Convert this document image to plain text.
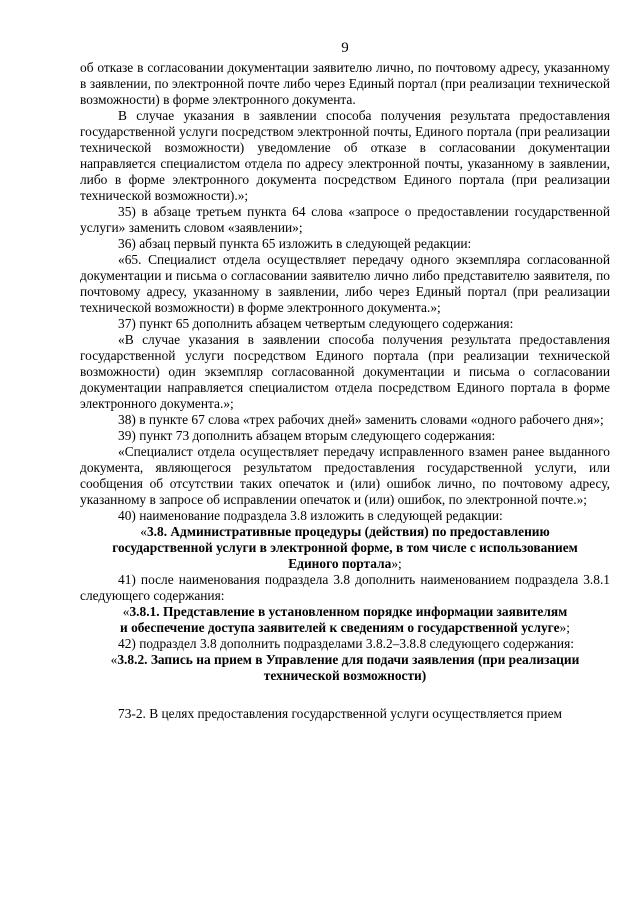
9

об отказе в согласовании документации заявителю лично, по почтовому адресу, указанному в заявлении, по электронной почте либо через Единый портал (при реализации технической возможности) в форме электронного документа.

В случае указания в заявлении способа получения результата предоставления государственной услуги посредством электронной почты, Единого портала (при реализации технической возможности) уведомление об отказе в согласовании документации направляется специалистом отдела по адресу электронной почты, указанному в заявлении, либо в форме электронного документа посредством Единого портала (при реализации технической возможности).»;

35) в абзаце третьем пункта 64 слова «запросе о предоставлении государственной услуги» заменить словом «заявлении»;

36) абзац первый пункта 65 изложить в следующей редакции:

«65. Специалист отдела осуществляет передачу одного экземпляра согласованной документации и письма о согласовании заявителю лично либо представителю заявителя, по почтовому адресу, указанному в заявлении, либо через Единый портал (при реализации технической возможности) в форме электронного документа.»;

37) пункт 65 дополнить абзацем четвертым следующего содержания:

«В случае указания в заявлении способа получения результата предоставления государственной услуги посредством Единого портала (при реализации технической возможности) один экземпляр согласованной документации и письма о согласовании документации направляется специалистом отдела посредством Единого портала в форме электронного документа.»;

38) в пункте 67 слова «трех рабочих дней» заменить словами «одного рабочего дня»;

39) пункт 73 дополнить абзацем вторым следующего содержания:

«Специалист отдела осуществляет передачу исправленного взамен ранее выданного документа, являющегося результатом предоставления государственной услуги, или сообщения об отсутствии таких опечаток и (или) ошибок лично, по почтовому адресу, указанному в запросе об исправлении опечаток и (или) ошибок, по электронной почте.»;

40) наименование подраздела 3.8 изложить в следующей редакции:

«3.8. Административные процедуры (действия) по предоставлению
государственной услуги в электронной форме, в том числе с использованием
Единого портала»;

41) после наименования подраздела 3.8 дополнить наименованием подраздела 3.8.1 следующего содержания:

«3.8.1. Представление в установленном порядке информации заявителям
и обеспечение доступа заявителей к сведениям о государственной услуге»;

42) подраздел 3.8 дополнить подразделами 3.8.2–3.8.8 следующего содержания:

«3.8.2. Запись на прием в Управление для подачи заявления (при реализации
технической возможности)

73-2. В целях предоставления государственной услуги осуществляется прием
